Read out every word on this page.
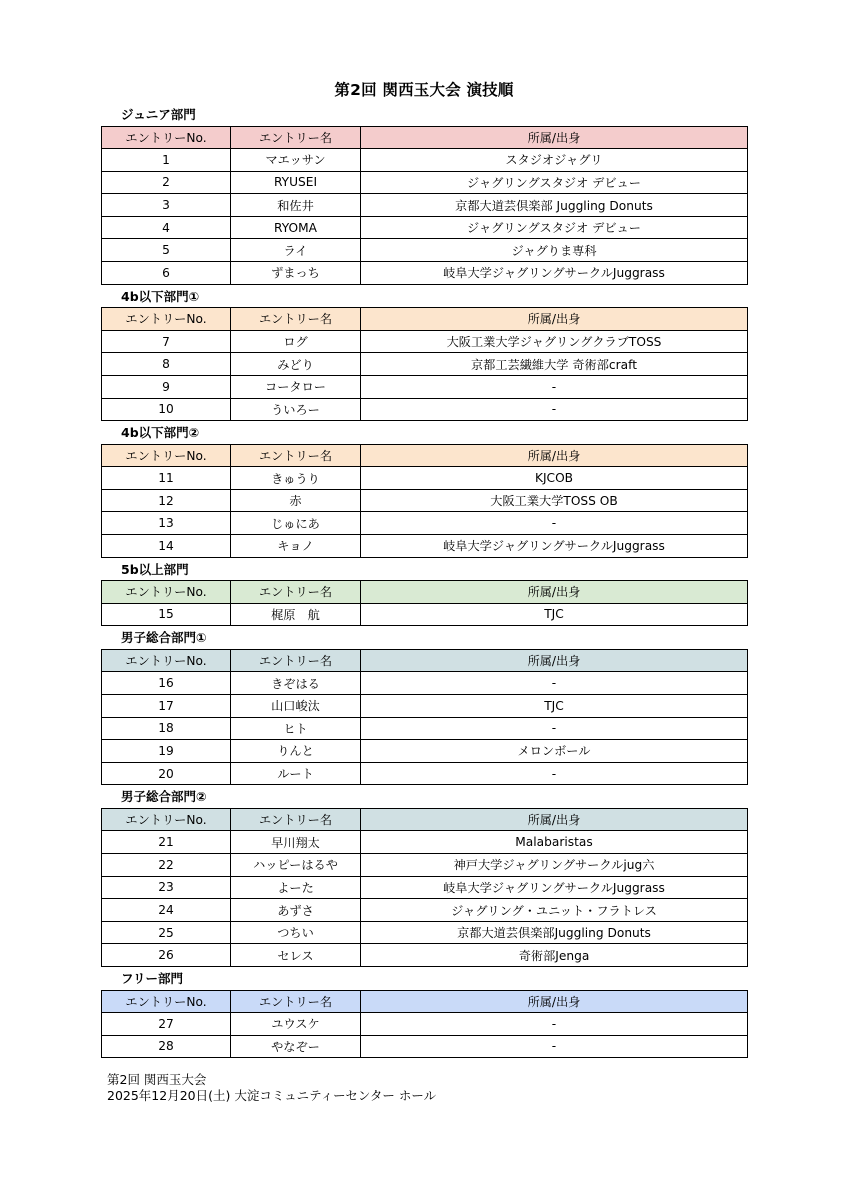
第2回 関西玉大会 演技順
ジュニア部門
エントリーNo.	エントリー名	所属/出身
1	マエッサン	スタジオジャグリ
2	RYUSEI	ジャグリングスタジオ デビュー
3	和佐井	京都大道芸倶楽部 Juggling Donuts
4	RYOMA	ジャグリングスタジオ デビュー
5	ライ	ジャグりま専科
6	ずまっち	岐阜大学ジャグリングサークルJuggrass
4b以下部門①
エントリーNo.	エントリー名	所属/出身
7	ログ	大阪工業大学ジャグリングクラブTOSS
8	みどり	京都工芸繊維大学 奇術部craft
9	コータロー	-
10	ういろー	-
4b以下部門②
エントリーNo.	エントリー名	所属/出身
11	きゅうり	KJCOB
12	赤	大阪工業大学TOSS OB
13	じゅにあ	-
14	キョノ	岐阜大学ジャグリングサークルJuggrass
5b以上部門
エントリーNo.	エントリー名	所属/出身
15	梶原　航	TJC
男子総合部門①
エントリーNo.	エントリー名	所属/出身
16	きぞはる	-
17	山口峻汰	TJC
18	ヒト	-
19	りんと	メロンボール
20	ルート	-
男子総合部門②
エントリーNo.	エントリー名	所属/出身
21	早川翔太	Malabaristas
22	ハッピーはるや	神戸大学ジャグリングサークルjug六
23	よーた	岐阜大学ジャグリングサークルJuggrass
24	あずさ	ジャグリング・ユニット・フラトレス
25	つちい	京都大道芸倶楽部Juggling Donuts
26	セレス	奇術部Jenga
フリー部門
エントリーNo.	エントリー名	所属/出身
27	ユウスケ	-
28	やなぞー	-
第2回 関西玉大会
2025年12月20日(土) 大淀コミュニティーセンター ホール
